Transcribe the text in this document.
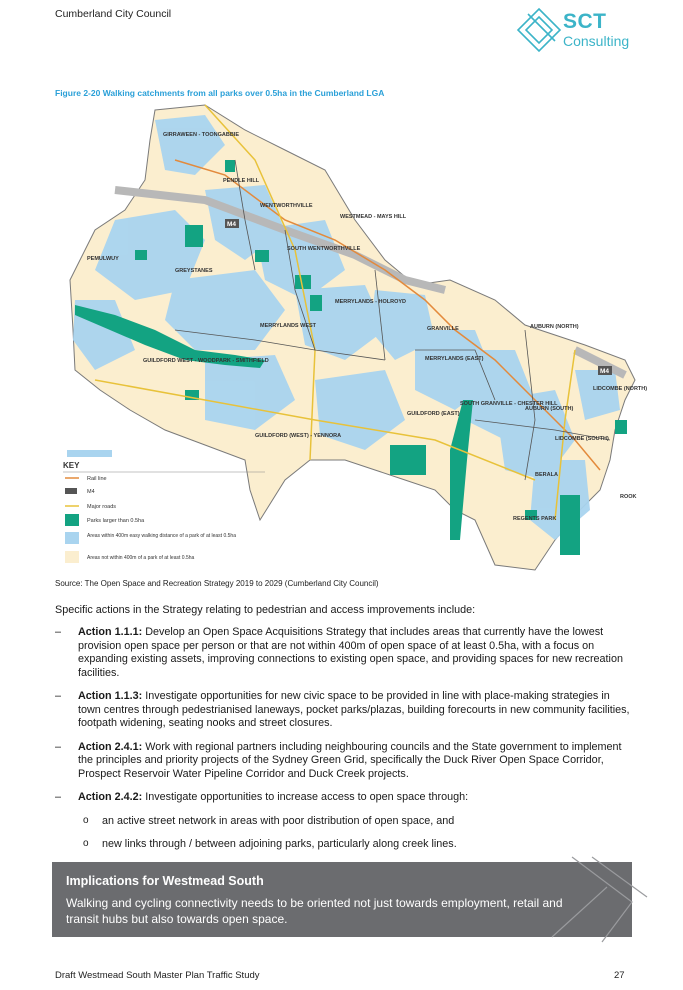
Cumberland City Council	SCT
Consulting
Figure 2-20 Walking catchments from all parks over 0.5ha in the Cumberland LGA
GIRRAWEEN - TOONGABBIE
PENDLE HILL
WENTWORTHVILLE
WESTMEAD - MAYS HILL
SOUTH WENTWORTHVILLE
PEMULWUY
GREYSTANES
MERRYLANDS - HOLROYD
MERRYLANDS WEST	GRANVILLE
MERRYLANDS (EAST)
GUILDFORD WEST - WOODPARK - SMITHFIELD
GUILDFORD (EAST)
SOUTH GRANVILLE - CHESTER HILL
AUBURN (NORTH)
AUBURN (SOUTH)
LIDCOMBE (NORTH)
LIDCOMBE (SOUTH)
GUILDFORD (WEST) - YENNORA
BERALA
REGENTS PARK
ROOK
M4
M4
KEY
Rail line
M4
Major roads
Parks larger than 0.5ha
Areas within 400m easy walking distance of a park of at least 0.5ha
Areas not within 400m of a park of at least 0.5ha
Source: The Open Space and Recreation Strategy 2019 to 2029 (Cumberland City Council)
Specific actions in the Strategy relating to pedestrian and access improvements include:
– Action 1.1.1: Develop an Open Space Acquisitions Strategy that includes areas that currently have the lowest provision open space per person or that are not within 400m of open space of at least 0.5ha, with a focus on expanding existing assets, improving connections to existing open space, and providing spaces for new recreation facilities.
– Action 1.1.3: Investigate opportunities for new civic space to be provided in line with place-making strategies in town centres through pedestrianised laneways, pocket parks/plazas, building forecourts in new community facilities, footpath widening, seating nooks and street closures.
– Action 2.4.1: Work with regional partners including neighbouring councils and the State government to implement the principles and priority projects of the Sydney Green Grid, specifically the Duck River Open Space Corridor, Prospect Reservoir Water Pipeline Corridor and Duck Creek projects.
– Action 2.4.2: Investigate opportunities to increase access to open space through:
o an active street network in areas with poor distribution of open space, and
o new links through / between adjoining parks, particularly along creek lines.
Implications for Westmead South
Walking and cycling connectivity needs to be oriented not just towards employment, retail and transit hubs but also towards open space.
Draft Westmead South Master Plan Traffic Study	27
